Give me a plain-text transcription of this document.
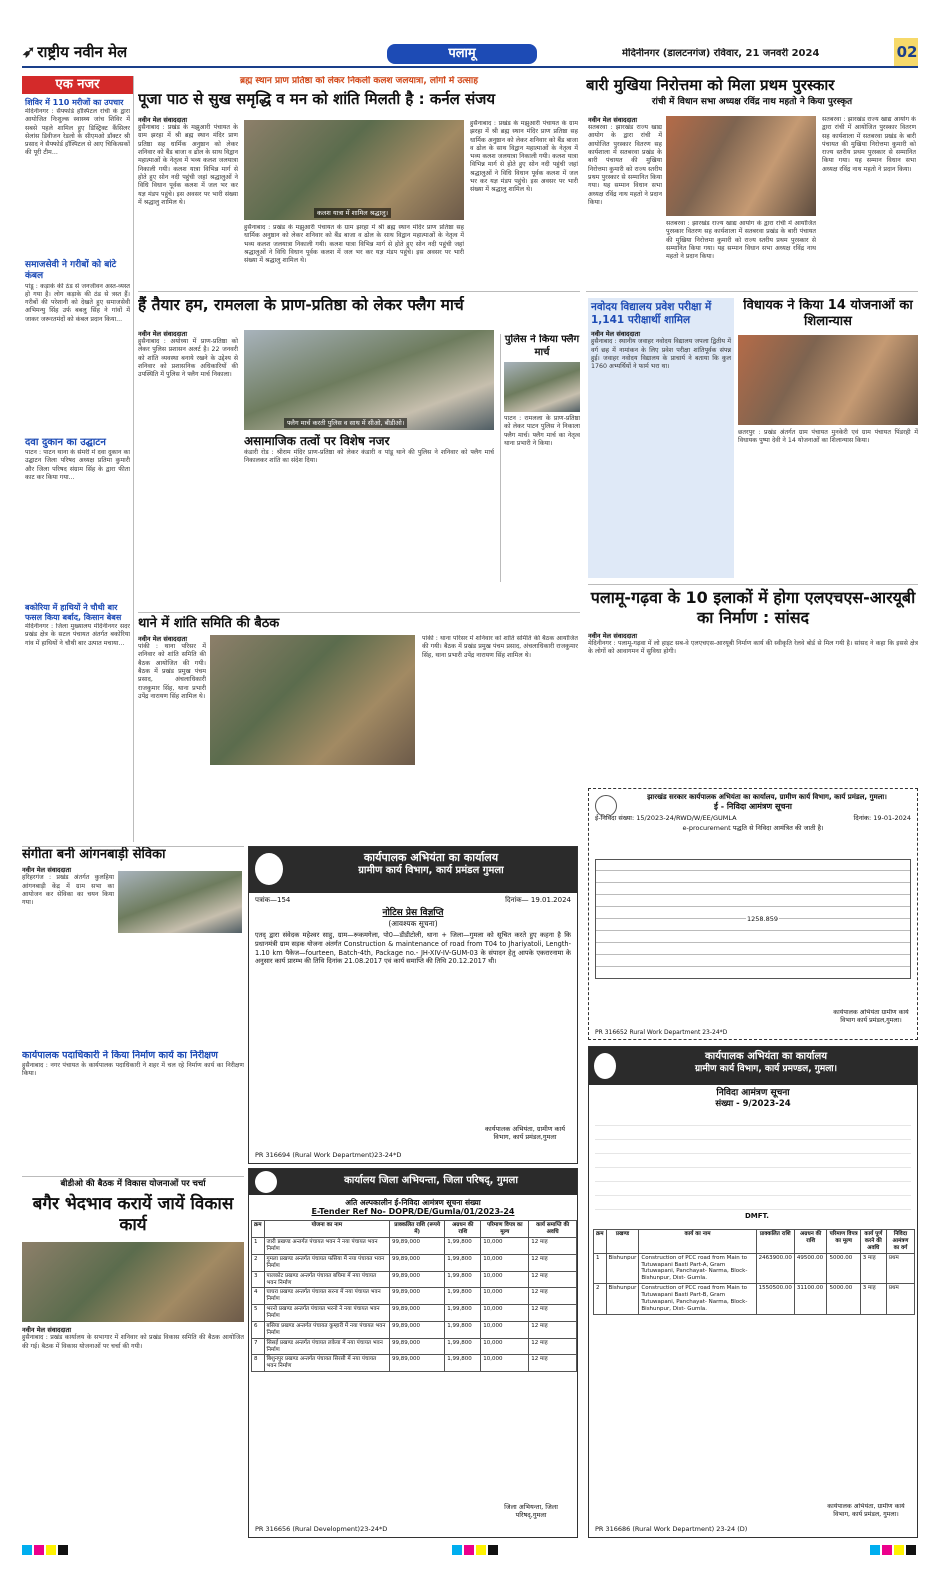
➶ राष्ट्रीय नवीन मेल	पलामू	मेदिनीनगर (डालटनगंज) रविवार, 21 जनवरी 2024	02
एक नजर
शिविर में 110 मरीजों का उपचार
मेदिनीनगर : सैफ्फोर्ड हॉस्पिटल रांची के द्वारा आयोजित निःशुल्क स्वास्थ्य जांच शिविर में सबसे पहले शामिल हुए डिस्ट्रिक्ट कैंसिलर सेलांस डिवीजन रेडलो के सीएमओ डॉक्टर श्री प्रसाद ने सैफ्फोर्ड हॉस्पिटल से आए चिकित्सकों की पूरी टीम...
समाजसेवी ने गरीबों को बांटे कंबल
पांडू : कड़ाके की ठंड से जनजीवन अस्त-व्यस्त हो गया है। लोग कड़ाके की ठंड से त्रस्त हैं। गरीबों की परेशानी को देखते हुए समाजसेवी अभिमन्यु सिंह उर्फ बबलु सिंह ने गांवों में जाकर जरूरतमंदों को कंबल प्रदान किया...
दवा दुकान का उद्घाटन
पाटन : पाटन थाना के सेमरी में दवा दुकान का उद्घाटन जिला परिषद अध्यक्ष प्रतिमा कुमारी और जिला परिषद संग्राम सिंह के द्वारा फीता काट कर किया गया...
बकोरिया में हाथियों ने चौथी बार फसल किया बर्बाद, किसान बेबस
मेदिनीनगर : जिला मुख्यालय मेदिनीनगर सदर प्रखंड क्षेत्र के सटल पंचायत अंतर्गत बकोरिया गांव में हाथियों ने चौथी बार उत्पात मचाया...
ब्रह्म स्थान प्राण प्रतिष्ठा को लेकर निकली कलश जलयात्रा, लोगों में उत्साह
पूजा पाठ से सुख समृद्धि व मन को शांति मिलती है : कर्नल संजय
नवीन मेल संवाददाता
हुसैनाबाद : प्रखंड के मझुआरी पंचायत के ग्राम झरहा में श्री ब्रह्म स्थान मंदिर प्राण प्रतिष्ठा सह धार्मिक अनुष्ठान को लेकर शनिवार को बैंड बाजा व ढोल के साथ विद्वान महात्माओं के नेतृत्व में भव्य कलश जलयात्रा निकाली गयी। कलश यात्रा विभिन्न मार्ग से होते हुए सोन नदी पहुंची जहां श्रद्धालुओं ने विधि विधान पूर्वक कलश में जल भर कर यज्ञ मंडप पहुंचे। इस अवसर पर भारी संख्या में श्रद्धालु शामिल थे।
कलश यात्रा में शामिल श्रद्धालु।
हुसैनाबाद : प्रखंड के मझुआरी पंचायत के ग्राम झरहा में श्री ब्रह्म स्थान मंदिर प्राण प्रतिष्ठा सह धार्मिक अनुष्ठान को लेकर शनिवार को बैंड बाजा व ढोल के साथ विद्वान महात्माओं के नेतृत्व में भव्य कलश जलयात्रा निकाली गयी। कलश यात्रा विभिन्न मार्ग से होते हुए सोन नदी पहुंची जहां श्रद्धालुओं ने विधि विधान पूर्वक कलश में जल भर कर यज्ञ मंडप पहुंचे। इस अवसर पर भारी संख्या में श्रद्धालु शामिल थे।
हुसैनाबाद : प्रखंड के मझुआरी पंचायत के ग्राम झरहा में श्री ब्रह्म स्थान मंदिर प्राण प्रतिष्ठा सह धार्मिक अनुष्ठान को लेकर शनिवार को बैंड बाजा व ढोल के साथ विद्वान महात्माओं के नेतृत्व में भव्य कलश जलयात्रा निकाली गयी। कलश यात्रा विभिन्न मार्ग से होते हुए सोन नदी पहुंची जहां श्रद्धालुओं ने विधि विधान पूर्वक कलश में जल भर कर यज्ञ मंडप पहुंचे। इस अवसर पर भारी संख्या में श्रद्धालु शामिल थे।
बारी मुखिया निरोत्तमा को मिला प्रथम पुरस्कार
रांची में विधान सभा अध्यक्ष रविंद्र नाथ महतो ने किया पुरस्कृत
नवीन मेल संवाददाता
सतबरवा : झारखंड राज्य खाद्य आयोग के द्वारा रांची में आयोजित पुरस्कार वितरण सह कार्यशाला में सतबरवा प्रखंड के बारी पंचायत की मुखिया निरोत्तमा कुमारी को राज्य स्तरीय प्रथम पुरस्कार से सम्मानित किया गया। यह सम्मान विधान सभा अध्यक्ष रविंद्र नाथ महतो ने प्रदान किया।
सतबरवा : झारखंड राज्य खाद्य आयोग के द्वारा रांची में आयोजित पुरस्कार वितरण सह कार्यशाला में सतबरवा प्रखंड के बारी पंचायत की मुखिया निरोत्तमा कुमारी को राज्य स्तरीय प्रथम पुरस्कार से सम्मानित किया गया। यह सम्मान विधान सभा अध्यक्ष रविंद्र नाथ महतो ने प्रदान किया।
सतबरवा : झारखंड राज्य खाद्य आयोग के द्वारा रांची में आयोजित पुरस्कार वितरण सह कार्यशाला में सतबरवा प्रखंड के बारी पंचायत की मुखिया निरोत्तमा कुमारी को राज्य स्तरीय प्रथम पुरस्कार से सम्मानित किया गया। यह सम्मान विधान सभा अध्यक्ष रविंद्र नाथ महतो ने प्रदान किया।
हैं तैयार हम, रामलला के प्राण-प्रतिष्ठा को लेकर फ्लैग मार्च
नवीन मेल संवाददाता
हुसैनाबाद : अयोध्या में प्राण-प्रतिष्ठा को लेकर पुलिस प्रशासन अलर्ट है। 22 जनवरी को शांति व्यवस्था बनाये रखने के उद्देश्य से शनिवार को प्रशासनिक अधिकारियों की उपस्थिति में पुलिस ने फ्लैग मार्च निकाला।
फ्लैग मार्च करती पुलिस व साथ में सीओ, बीडीओ।
असामाजिक तत्वों पर विशेष नजर
कंडारी रोड : श्रीराम मंदिर प्राण-प्रतिष्ठा को लेकर कंडारी व पांडू थाने की पुलिस ने शनिवार को फ्लैग मार्च निकालकर शांति का संदेश दिया।
पुलिस ने किया फ्लैग मार्च
पाटन : रामलला के प्राण-प्रतिष्ठा को लेकर पाटन पुलिस ने निकाला फ्लैग मार्च। फ्लैग मार्च का नेतृत्व थाना प्रभारी ने किया।
नवोदय विद्यालय प्रवेश परीक्षा में 1,141 परीक्षार्थी शामिल
नवीन मेल संवाददाता
हुसैनाबाद : स्थानीय जवाहर नवोदय विद्यालय जपला द्वितीय में वर्ग छह में नामांकन के लिए प्रवेश परीक्षा शांतिपूर्वक संपन्न हुई। जवाहर नवोदय विद्यालय के प्राचार्य ने बताया कि कुल 1760 अभ्यर्थियों ने फार्म भरा था।
विधायक ने किया 14 योजनाओं का शिलान्यास
छतरपुर : प्रखंड अंतर्गत ग्राम पंचायत मुनकेरी एवं ग्राम पंचायत पिंडरही में विधायक पुष्पा देवी ने 14 योजनाओं का शिलान्यास किया।
पलामू-गढ़वा के 10 इलाकों में होगा एलएचएस-आरयूबी का निर्माण : सांसद
नवीन मेल संवाददाता
मेदिनीनगर : पलामू-गढ़वा में लो हाइट सब-वे एलएचएस-आरयूबी निर्माण कार्य की स्वीकृति रेलवे बोर्ड से मिल गयी है। सांसद ने कहा कि इससे क्षेत्र के लोगों को आवागमन में सुविधा होगी।
थाने में शांति समिति की बैठक
नवीन मेल संवाददाता
पांकी : थाना परिसर में शनिवार को शांति समिति की बैठक आयोजित की गयी। बैठक में प्रखंड प्रमुख पंचम प्रसाद, अंचलाधिकारी राजकुमार सिंह, थाना प्रभारी उपेंद्र नारायण सिंह शामिल थे।
पांकी : थाना परिसर में शनिवार को शांति समिति की बैठक आयोजित की गयी। बैठक में प्रखंड प्रमुख पंचम प्रसाद, अंचलाधिकारी राजकुमार सिंह, थाना प्रभारी उपेंद्र नारायण सिंह शामिल थे।
संगीता बनी आंगनबाड़ी सेविका
नवीन मेल संवाददाता
हरिहरगंज : प्रखंड अंतर्गत कुलहिया आंगनबाड़ी केंद्र में ग्राम सभा का आयोजन कर सेविका का चयन किया गया।
कार्यपालक पदाधिकारी ने किया निर्माण कार्य का निरीक्षण
हुसैनाबाद : नगर पंचायत के कार्यपालक पदाधिकारी ने शहर में चल रहे निर्माण कार्य का निरीक्षण किया।
बीडीओ की बैठक में विकास योजनाओं पर चर्चा
बगैर भेदभाव करायें जायें विकास कार्य
नवीन मेल संवाददाता
हुसैनाबाद : प्रखंड कार्यालय के सभागार में शनिवार को प्रखंड विकास समिति की बैठक आयोजित की गई। बैठक में विकास योजनाओं पर चर्चा की गयी।
कार्यपालक अभियंता का कार्यालय
ग्रामीण कार्य विभाग, कार्य प्रमंडल गुमला
पत्रांक—154	दिनांक— 19.01.2024
नोटिस प्रेस विज्ञप्ति
(आवश्यक सूचना)
एतद् द्वारा संवेदक महेश्वर साहु, ग्राम—रूकमगेला, पो0—डीडीटोली, थाना + जिला—गुमला को सूचित करते हुए कहना है कि प्रधानमंत्री ग्राम सड़क योजना अंतर्गत Construction & maintenance of road from T04 to Jhariyatoli, Length- 1.10 km पैकेज—fourteen, Batch-4th, Package no.- JH-XIV-IV-GUM-03 के संपादन हेतु आपके एकरारनामा के अनुसार कार्य प्रारम्भ की तिथि दिनांक 21.08.2017 एवं कार्य समाप्ति की तिथि 20.12.2017 थी।
कार्यपालक अभियंता, ग्रामीण कार्य विभाग, कार्य प्रमंडल,गुमला
PR 316694 (Rural Work Department)23-24*D
कार्यालय जिला अभियन्ता, जिला परिषद्, गुमला
अति अल्पकालीन ई-निविदा आमंत्रण सूचना संख्या
E-Tender Ref No- DOPR/DE/Gumla/01/2023-24
क्रम	योजना का नाम	प्राक्कलित राशि (रूपये में)	अग्रधन की राशि	परिमाण विपत्र का मूल्य	कार्य समाप्ति की अवधि
1	जारी प्रखण्ड अन्तर्गत पंचायत भवन ने नया पंचायत भवन निर्माण	99,89,000	1,99,800	10,000	12 माह
2	गुमला प्रखण्ड अन्तर्गत पंचायत फसिया में नया पंचायत भवन निर्माण	99,89,000	1,99,800	10,000	12 माह
3	पालकोट प्रखण्ड अन्तर्गत पंचायत बघिमा में नया पंचायत भवन निर्माण	99,89,000	1,99,800	10,000	12 माह
4	घाघरा प्रखण्ड अन्तर्गत पंचायत सरना में नया पंचायत भवन निर्माण	99,89,000	1,99,800	10,000	12 माह
5	भरनो प्रखण्ड अन्तर्गत पंचायत भरनो ने नया पंचायत भवन निर्माण	99,89,000	1,99,800	10,000	12 माह
6	बसिया प्रखण्ड अन्तर्गत पंचायत कुम्हारी में नया पंचायत भवन निर्माण	99,89,000	1,99,800	10,000	12 माह
7	सिसई प्रखण्ड अन्तर्गत पंचायत लकेया में नया पंचायत भवन निर्माण	99,89,000	1,99,800	10,000	12 माह
8	बिशुनपुर प्रखण्ड अन्तर्गत पंचायत सिरसी में नया पंचायत भवन निर्माण	99,89,000	1,99,800	10,000	12 माह
जिला अभियन्ता, जिला परिषद्,गुमला
PR 316656 (Rural Development)23-24*D
झारखंड सरकार कार्यपालक अभियंता का कार्यालय, ग्रामीण कार्य विभाग, कार्य प्रमंडल, गुमला।
ई - निविदा आमंत्रण सूचना
ई-निविदा संख्या: 15/2023-24/RWD/W/EE/GUMLA	दिनांक: 19-01-2024
e-procurement पद्धति से निविदा आमंत्रित की जाती है।
1258.859
कार्यपालक अभियंता ग्रामीण कार्य विभाग कार्य प्रमंडल,गुमला।
PR 316652 Rural Work Department 23-24*D
कार्यपालक अभियंता का कार्यालय
ग्रामीण कार्य विभाग, कार्य प्रमण्डल, गुमला।
निविदा आमंत्रण सूचना
संख्या - 9/2023-24
DMFT.
क्रम	प्रखण्ड	कार्य का नाम	प्राक्कलित राशि	अग्रधन की राशि	परिमाण विपत्र का मूल्य	कार्य पूर्ण करने की अवधि	निविदा आमंत्रण का वर्ग
1	Bishunpur	Construction of PCC road from Main to Tutuwapani Basti Part-A, Gram Tutuwapani, Panchayat- Narma, Block- Bishunpur, Dist- Gumla.	2463900.00	49500.00	5000.00	3 माह	प्रथम
2	Bishunpur	Construction of PCC road from Main to Tutuwapani Basti Part-B, Gram Tutuwapani, Panchayat- Narma, Block- Bishunpur, Dist- Gumla.	1550500.00	31100.00	5000.00	3 माह	प्रथम
कार्यपालक अभियंता, ग्रामीण कार्य विभाग, कार्य प्रमंडल, गुमला।
PR 316686 (Rural Work Department) 23-24 (D)
